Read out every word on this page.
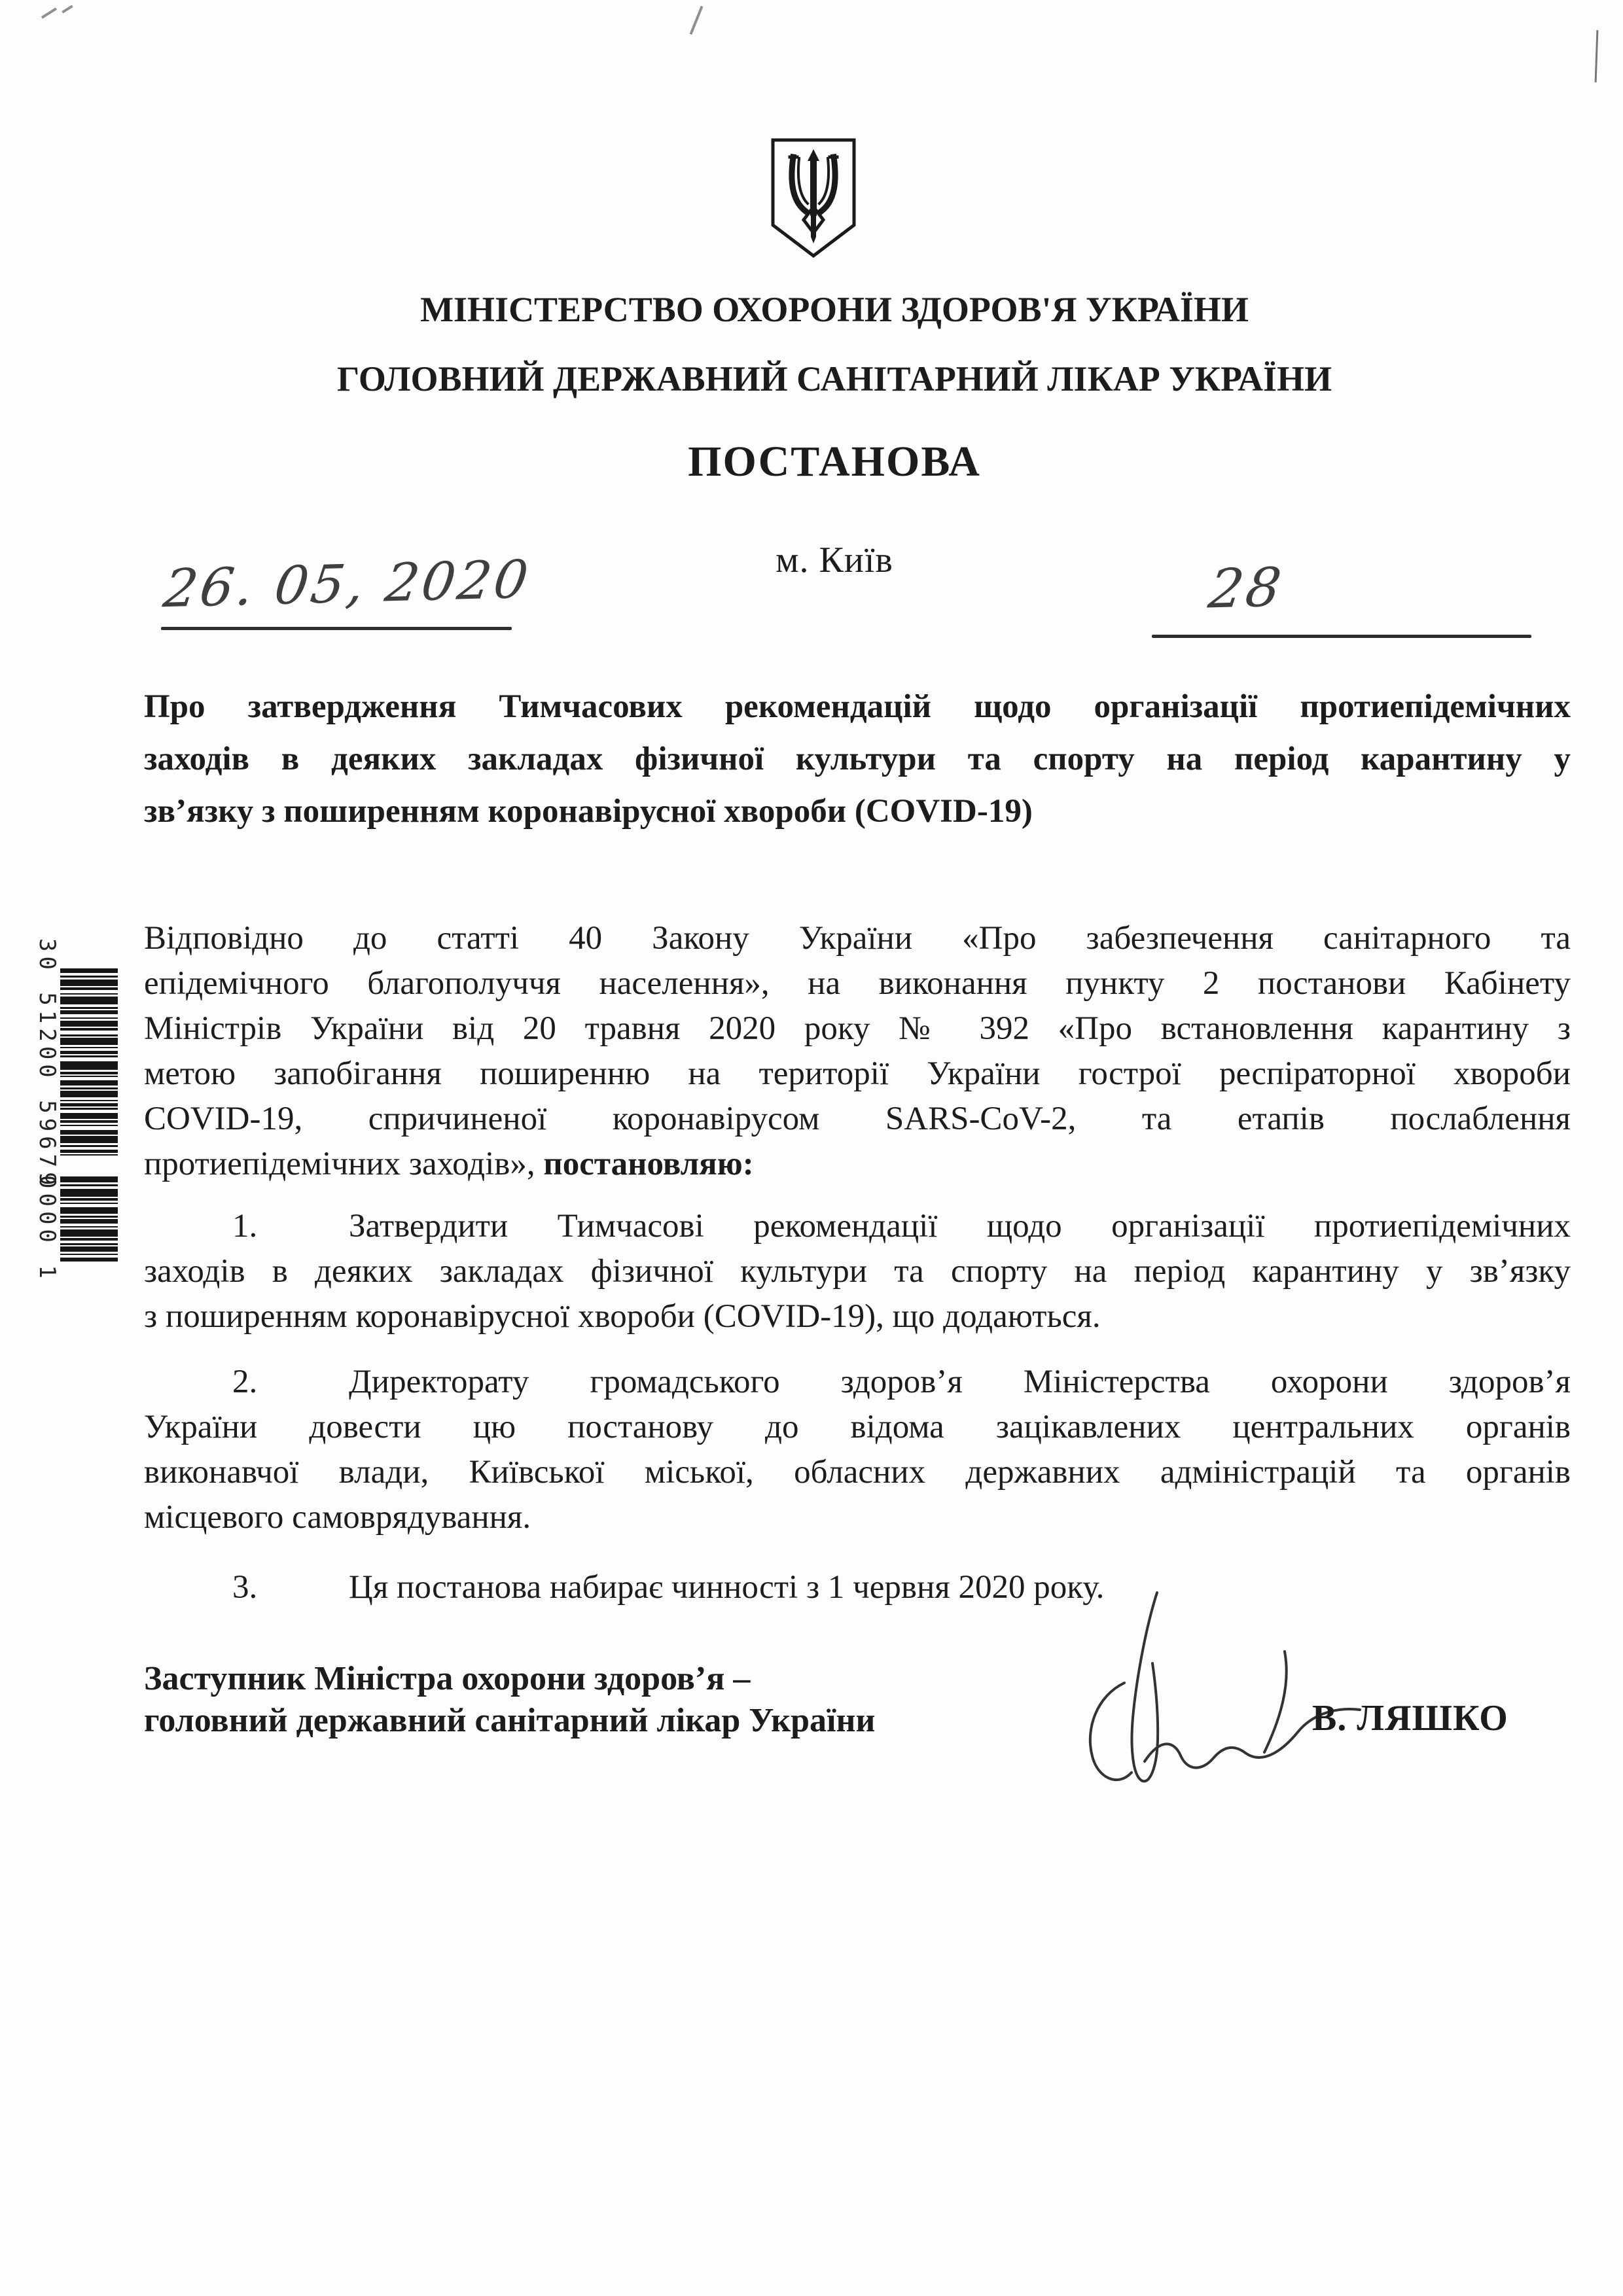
МІНІСТЕРСТВО ОХОРОНИ ЗДОРОВ'Я УКРАЇНИ
ГОЛОВНИЙ ДЕРЖАВНИЙ САНІТАРНИЙ ЛІКАР УКРАЇНИ
ПОСТАНОВА
м. Київ
26. 05, 2020	28
Про затвердження Тимчасових рекомендацій щодо організації протиепідемічних
заходів в деяких закладах фізичної культури та спорту на період карантину у
зв’язку з поширенням коронавірусної хвороби (COVID-19)
Відповідно до статті 40 Закону України «Про забезпечення санітарного та
епідемічного благополуччя населення», на виконання пункту 2 постанови Кабінету
Міністрів України від 20 травня 2020 року № 392 «Про встановлення карантину з
метою запобігання поширенню на території України гострої респіраторної хвороби
COVID-19, спричиненої коронавірусом SARS-CoV-2, та етапів послаблення
протиепідемічних заходів», постановляю:
1.	Затвердити Тимчасові рекомендації щодо організації протиепідемічних
заходів в деяких закладах фізичної культури та спорту на період карантину у зв’язку
з поширенням коронавірусної хвороби (COVID-19), що додаються.
2.	Директорату громадського здоров’я Міністерства охорони здоров’я
України довести цю постанову до відома зацікавлених центральних органів
виконавчої влади, Київської міської, обласних державних адміністрацій та органів
місцевого самоврядування.
3.	Ця постанова набирає чинності з 1 червня 2020 року.
Заступник Міністра охорони здоров’я –
головний державний санітарний лікар України	В. ЛЯШКО
30 51200 59679
0000 1
